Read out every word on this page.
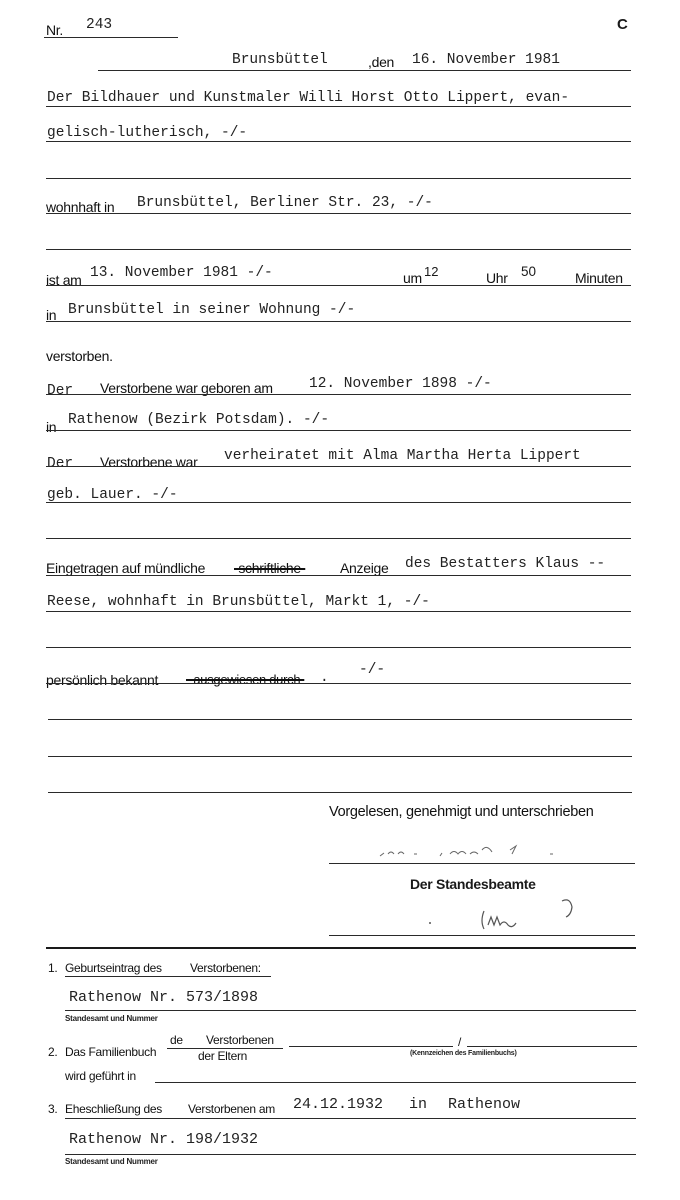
Nr. 243	C
Brunsbüttel	,den 16. November 1981
Der Bildhauer und Kunstmaler Willi Horst Otto Lippert, evan-
gelisch-lutherisch, -/-
wohnhaft in Brunsbüttel, Berliner Str. 23, -/-
ist am 13. November 1981 -/-	um 12	Uhr 50	Minuten
in Brunsbüttel in seiner Wohnung -/-
verstorben.
Der Verstorbene war geboren am 12. November 1898 -/-
in Rathenow (Bezirk Potsdam). -/-
Der Verstorbene war verheiratet mit Alma Martha Herta Lippert
geb. Lauer. -/-
Eingetragen auf mündliche -schriftliche- Anzeige des Bestatters Klaus --
Reese, wohnhaft in Brunsbüttel, Markt 1, -/-
persönlich bekannt - ausgewiesen durch- . -/-
Vorgelesen, genehmigt und unterschrieben
Der Standesbeamte
1. Geburtseintrag des Verstorbenen:
Rathenow Nr. 573/1898
Standesamt und Nummer
2. Das Familienbuch
de Verstorbenen
der Eltern
/
(Kennzeichen des Familienbuchs)
wird geführt in
3. Eheschließung des Verstorbenen am 24.12.1932 in Rathenow
Rathenow Nr. 198/1932
Standesamt und Nummer
